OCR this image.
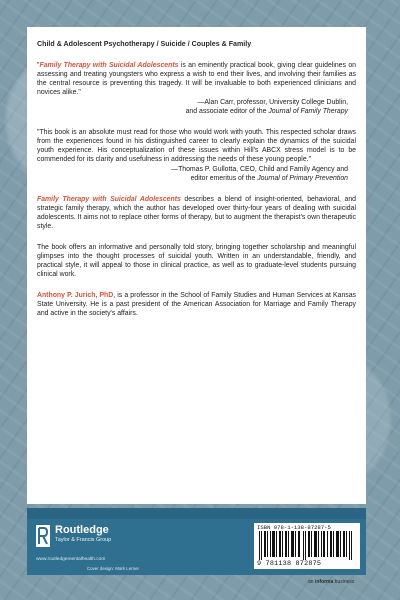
Child & Adolescent Psychotherapy / Suicide / Couples & Family

"Family Therapy with Suicidal Adolescents is an eminently practical book, giving clear guidelines on assessing and treating youngsters who express a wish to end their lives, and involving their families as the central resource is preventing this tragedy. It will be invaluable to both experienced clinicians and novices alike."

—Alan Carr, professor, University College Dublin,

and associate editor of the Journal of Family Therapy

"This book is an absolute must read for those who would work with youth. This respected scholar draws from the experiences found in his distinguished career to clearly explain the dynamics of the suicidal youth experience. His conceptualization of these issues within Hill's ABCX stress model is to be commended for its clarity and usefulness in addressing the needs of these young people."

—Thomas P. Gullotta, CEO, Child and Family Agency and

editor emeritus of the Journal of Primary Prevention

Family Therapy with Suicidal Adolescents describes a blend of insight-oriented, behavioral, and strategic family therapy, which the author has developed over thirty-four years of dealing with suicidal adolescents. It aims not to replace other forms of therapy, but to augment the therapist's own therapeutic style.

The book offers an informative and personally told story, bringing together scholarship and meaningful glimpses into the thought processes of suicidal youth. Written in an understandable, friendly, and practical style, it will appeal to those in clinical practice, as well as to graduate-level students pursuing clinical work.

Anthony P. Jurich, PhD, is a professor in the School of Family Studies and Human Services at Kansas State University. He is a past president of the American Association for Marriage and Family Therapy and active in the society's affairs.

Routledge
Taylor & Francis Group
www.routledgementalhealth.com
Cover design: Mark Lerner
ISBN 978-1-138-87287-5
9 781138 872875
an informa business
